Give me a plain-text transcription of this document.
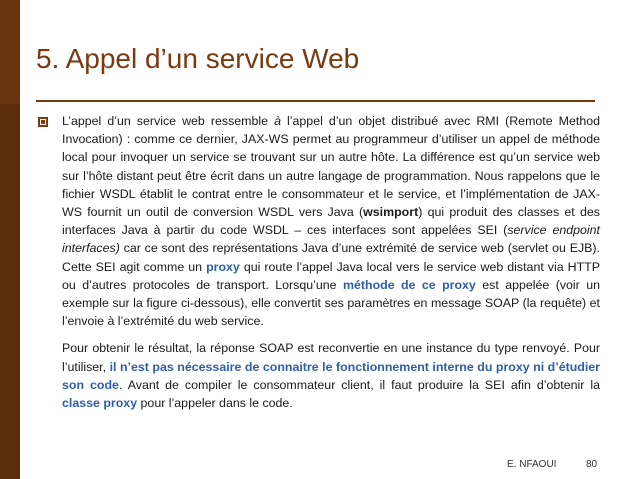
5. Appel d’un service Web

L’appel d’un service web ressemble à l’appel d’un objet distribué avec RMI (Remote Method Invocation) : comme ce dernier, JAX-WS permet au programmeur d’utiliser un appel de méthode local pour invoquer un service se trouvant sur un autre hôte. La différence est qu’un service web sur l’hôte distant peut être écrit dans un autre langage de programmation. Nous rappelons que le fichier WSDL établit le contrat entre le consommateur et le service, et l’implémentation de JAX-WS fournit un outil de conversion WSDL vers Java (wsimport) qui produit des classes et des interfaces Java à partir du code WSDL – ces interfaces sont appelées SEI (service endpoint interfaces) car ce sont des représentations Java d’une extrémité de service web (servlet ou EJB). Cette SEI agit comme un proxy qui route l’appel Java local vers le service web distant via HTTP ou d’autres protocoles de transport. Lorsqu’une méthode de ce proxy est appelée (voir un exemple sur la figure ci-dessous), elle convertit ses paramètres en message SOAP (la requête) et l’envoie à l’extrémité du web service.

Pour obtenir le résultat, la réponse SOAP est reconvertie en une instance du type renvoyé. Pour l’utiliser, il n’est pas nécessaire de connaitre le fonctionnement interne du proxy ni d’étudier son code. Avant de compiler le consommateur client, il faut produire la SEI afin d’obtenir la classe proxy pour l’appeler dans le code.

E. NFAOUI	80
